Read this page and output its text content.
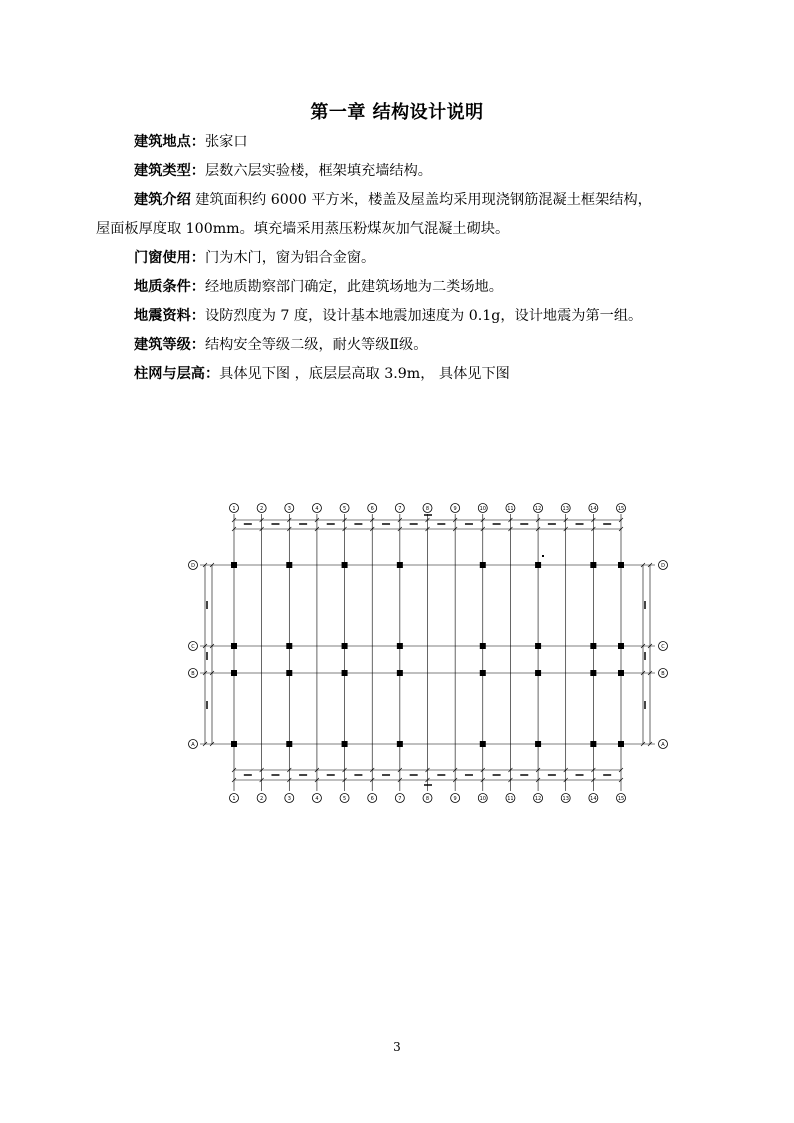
第一章 结构设计说明
建筑地点：张家口
建筑类型：层数六层实验楼，框架填充墙结构。
建筑介绍 建筑面积约 6000 平方米，楼盖及屋盖均采用现浇钢筋混凝土框架结构，
屋面板厚度取 100mm。填充墙采用蒸压粉煤灰加气混凝土砌块。
门窗使用：门为木门，窗为铝合金窗。
地质条件：经地质勘察部门确定，此建筑场地为二类场地。
地震资料：设防烈度为 7 度，设计基本地震加速度为 0.1g，设计地震为第一组。
建筑等级：结构安全等级二级，耐火等级Ⅱ级。
柱网与层高：具体见下图 ，底层层高取 3.9m， 具体见下图
1
1
2
2
3
3
4
4
5
5
6
6
7
7
8
8
9
9
10
10
11
11
12
12
13
13
14
14
15
15
D	D
C	C
B	B
A	A
3
